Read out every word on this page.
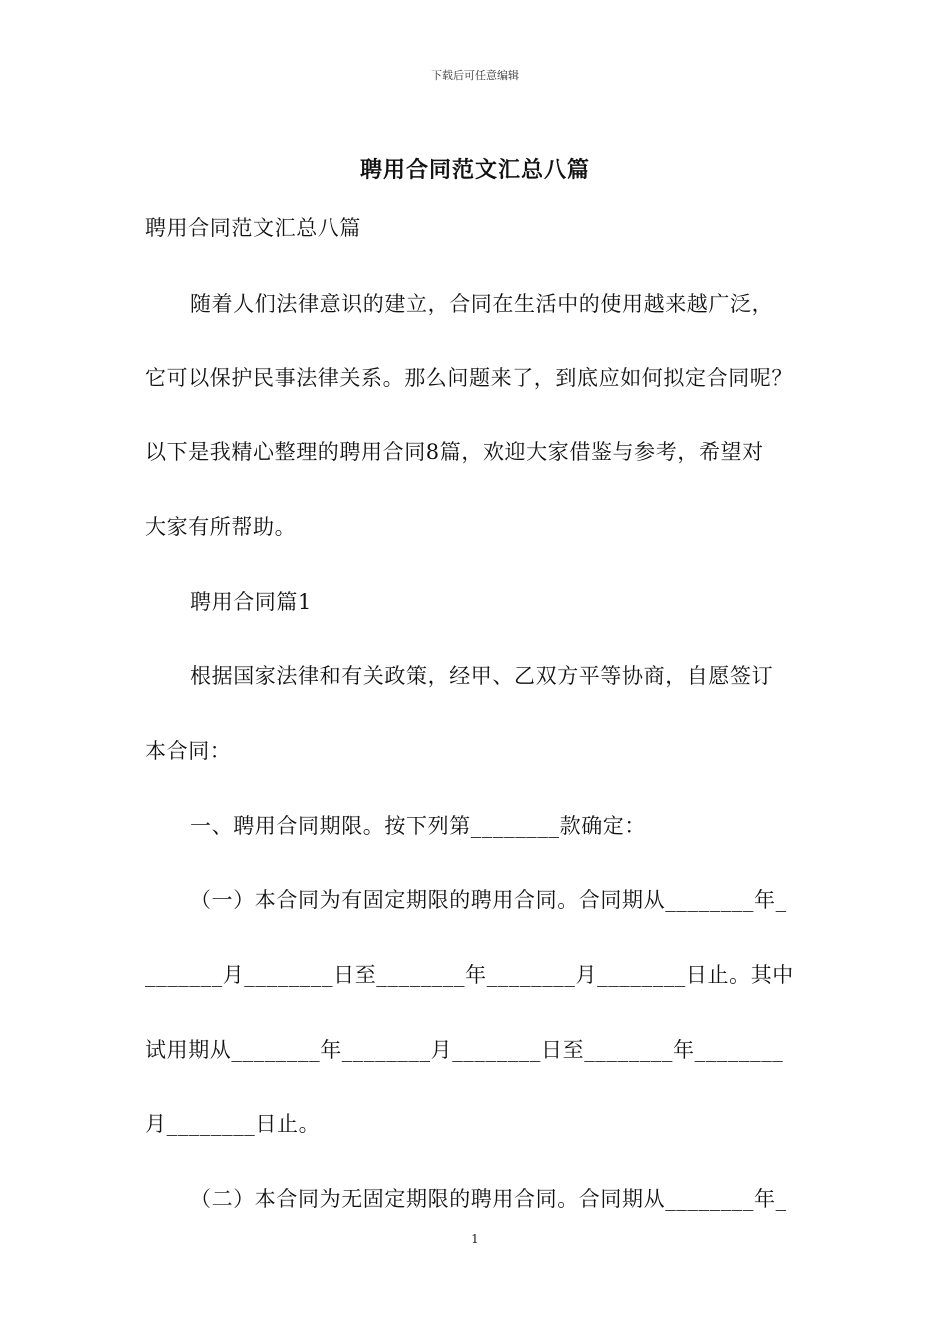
下载后可任意编辑
聘用合同范文汇总八篇
聘用合同范文汇总八篇
随着人们法律意识的建立，合同在生活中的使用越来越广泛，
它可以保护民事法律关系。那么问题来了，到底应如何拟定合同呢？
以下是我精心整理的聘用合同8篇，欢迎大家借鉴与参考，希望对
大家有所帮助。
聘用合同篇1
根据国家法律和有关政策，经甲、乙双方平等协商，自愿签订
本合同：
一、聘用合同期限。按下列第________款确定：
（一）本合同为有固定期限的聘用合同。合同期从________年_
_______月________日至________年________月________日止。其中
试用期从________年________月________日至________年________
月________日止。
（二）本合同为无固定期限的聘用合同。合同期从________年_
1
